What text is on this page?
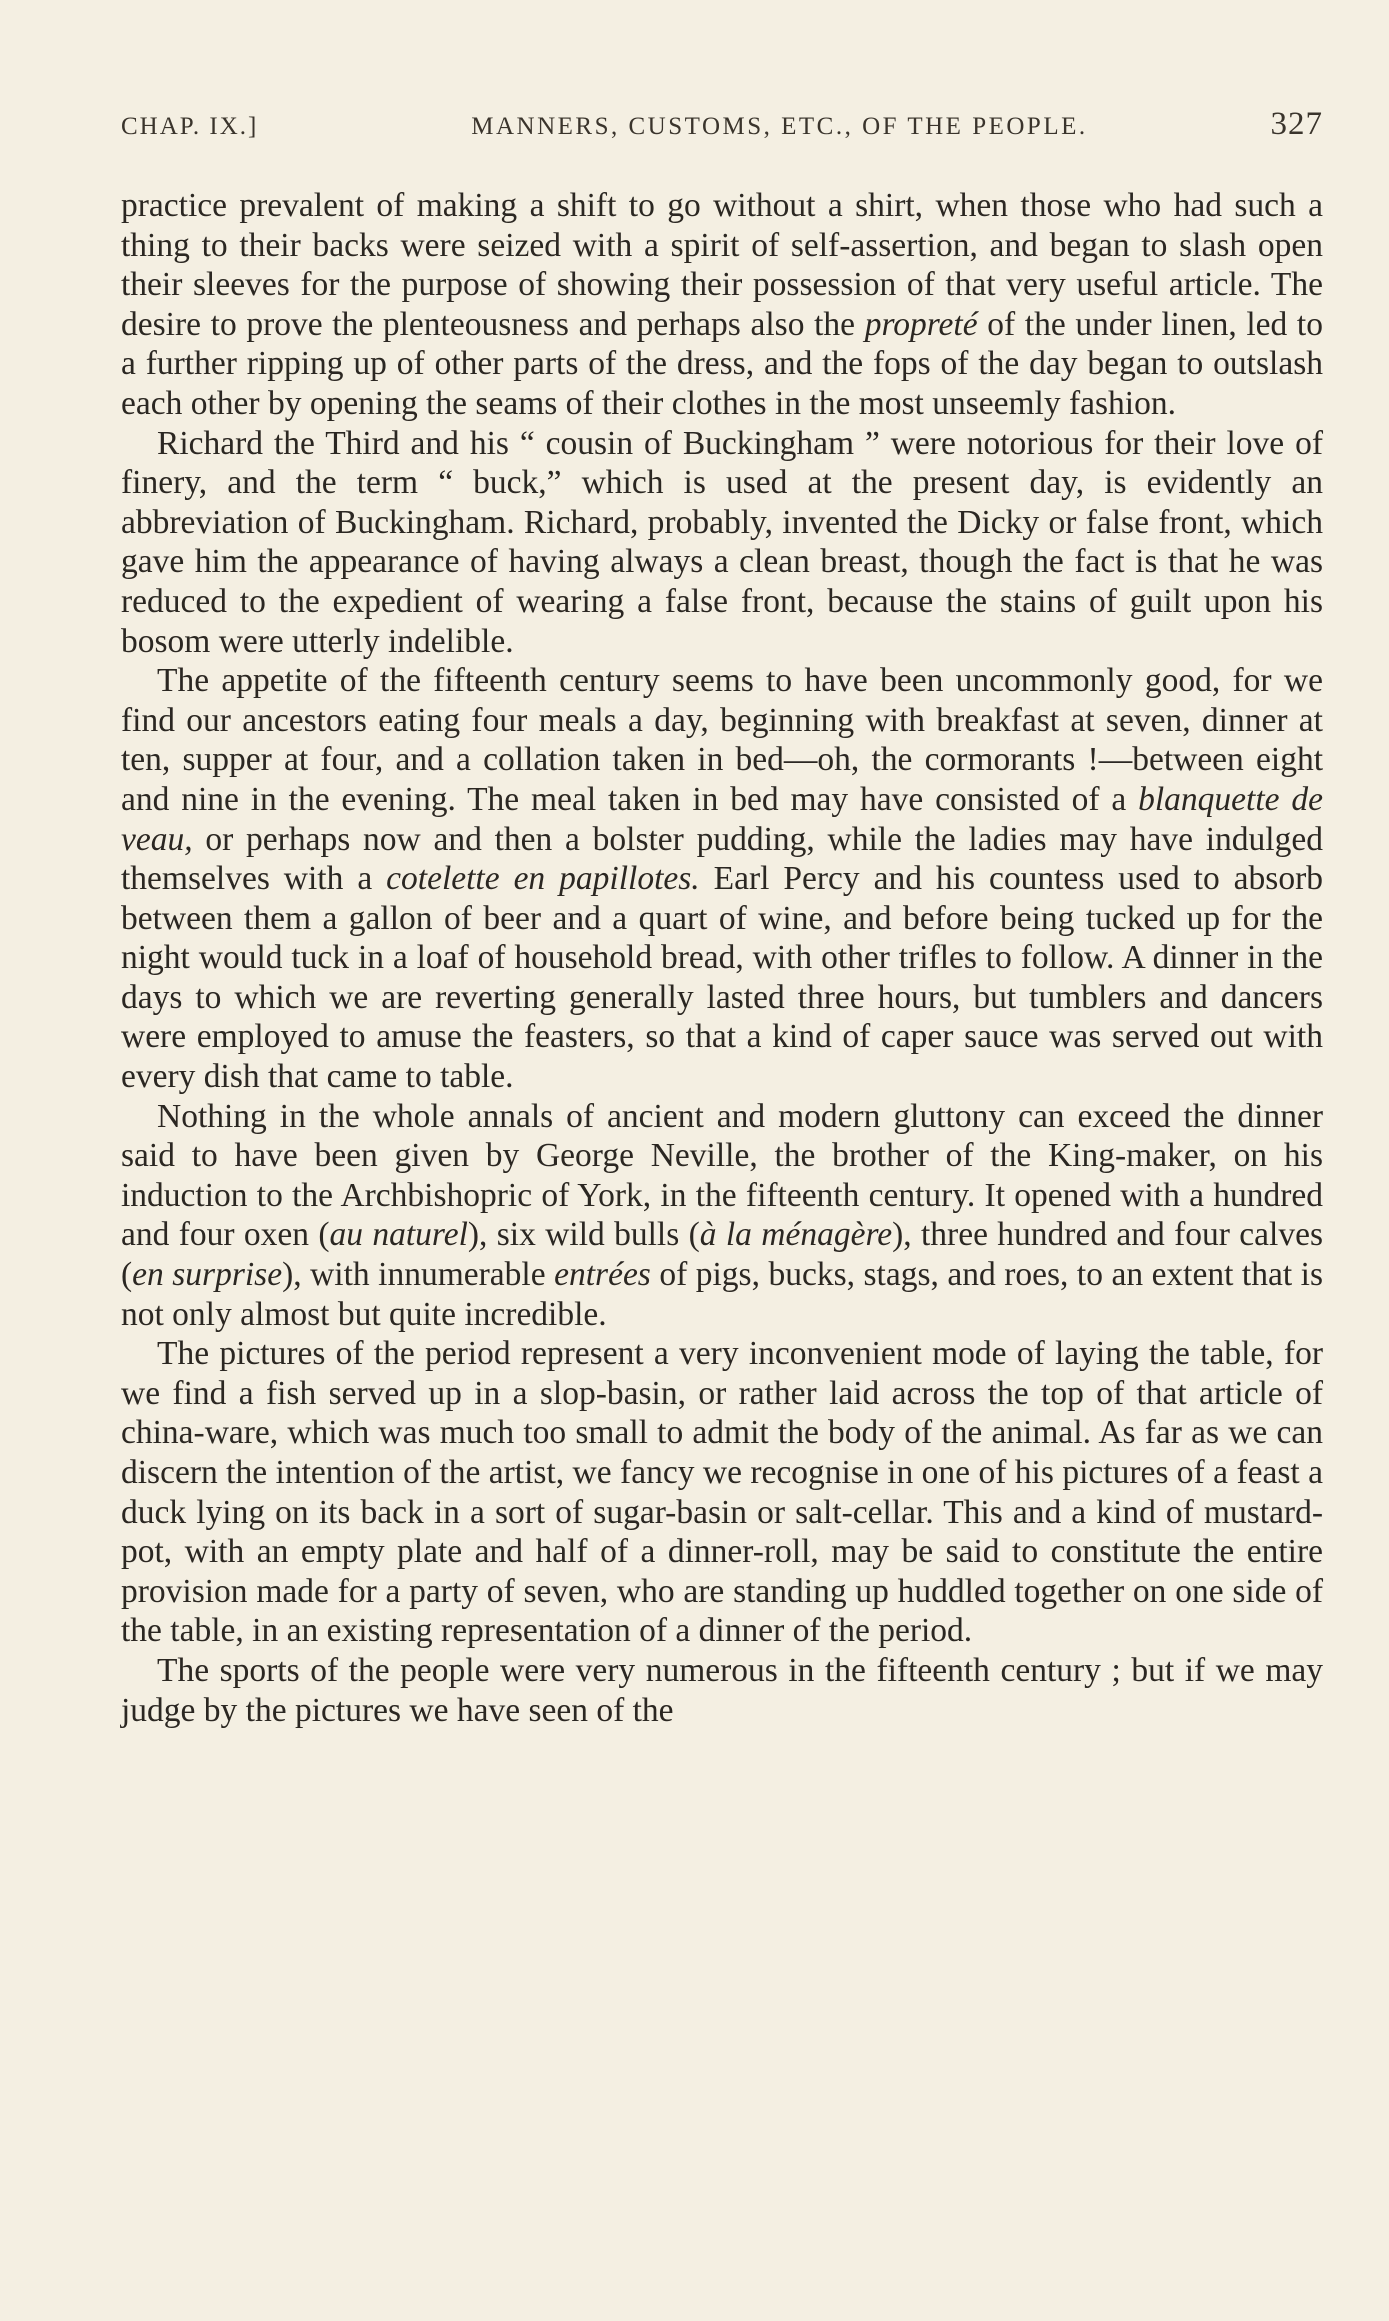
CHAP. IX.]	MANNERS, CUSTOMS, ETC., OF THE PEOPLE.	327

practice prevalent of making a shift to go without a shirt, when those who had such a thing to their backs were seized with a spirit of self-assertion, and began to slash open their sleeves for the purpose of showing their possession of that very useful article. The desire to prove the plenteousness and perhaps also the propreté of the under linen, led to a further ripping up of other parts of the dress, and the fops of the day began to outslash each other by opening the seams of their clothes in the most unseemly fashion.

Richard the Third and his “ cousin of Buckingham ” were notorious for their love of finery, and the term “ buck,” which is used at the present day, is evidently an abbreviation of Buckingham. Richard, probably, invented the Dicky or false front, which gave him the appearance of having always a clean breast, though the fact is that he was reduced to the expedient of wearing a false front, because the stains of guilt upon his bosom were utterly indelible.

The appetite of the fifteenth century seems to have been uncommonly good, for we find our ancestors eating four meals a day, beginning with breakfast at seven, dinner at ten, supper at four, and a collation taken in bed—oh, the cormorants !—between eight and nine in the evening. The meal taken in bed may have consisted of a blanquette de veau, or perhaps now and then a bolster pudding, while the ladies may have indulged themselves with a cotelette en papillotes. Earl Percy and his countess used to absorb between them a gallon of beer and a quart of wine, and before being tucked up for the night would tuck in a loaf of household bread, with other trifles to follow. A dinner in the days to which we are reverting generally lasted three hours, but tumblers and dancers were employed to amuse the feasters, so that a kind of caper sauce was served out with every dish that came to table.

Nothing in the whole annals of ancient and modern gluttony can exceed the dinner said to have been given by George Neville, the brother of the King-maker, on his induction to the Archbishopric of York, in the fifteenth century. It opened with a hundred and four oxen (au naturel), six wild bulls (à la ménagère), three hundred and four calves (en surprise), with innumerable entrées of pigs, bucks, stags, and roes, to an extent that is not only almost but quite incredible.

The pictures of the period represent a very inconvenient mode of laying the table, for we find a fish served up in a slop-basin, or rather laid across the top of that article of china-ware, which was much too small to admit the body of the animal. As far as we can discern the intention of the artist, we fancy we recognise in one of his pictures of a feast a duck lying on its back in a sort of sugar-basin or salt-cellar. This and a kind of mustard-pot, with an empty plate and half of a dinner-roll, may be said to constitute the entire provision made for a party of seven, who are standing up huddled together on one side of the table, in an existing representation of a dinner of the period.

The sports of the people were very numerous in the fifteenth century ; but if we may judge by the pictures we have seen of the
